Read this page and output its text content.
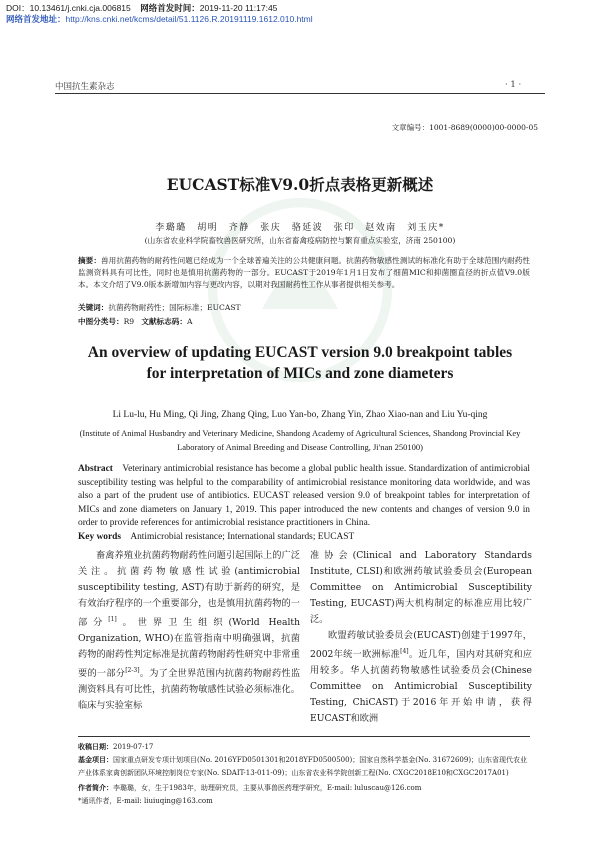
DOI：10.13461/j.cnki.cja.006815 网络首发时间：2019-11-20 11:17:45
网络首发地址：http://kns.cnki.net/kcms/detail/51.1126.R.20191119.1612.010.html
中国抗生素杂志	· 1 ·
文章编号：1001-8689(0000)00-0000-05
EUCAST标准V9.0折点表格更新概述
李璐璐　胡明　齐静　张庆　骆延波　张印　赵效南　刘玉庆*
(山东省农业科学院畜牧兽医研究所，山东省畜禽疫病防控与繁育重点实验室，济南 250100)
摘要：兽用抗菌药物的耐药性问题已经成为一个全球普遍关注的公共健康问题。抗菌药物敏感性测试的标准化有助于全球范围内耐药性监测资料具有可比性，同时也是慎用抗菌药物的一部分。EUCAST于2019年1月1日发布了细菌MIC和抑菌圈直径的折点值V9.0版本。本文介绍了V9.0版本新增加内容与更改内容，以期对我国耐药性工作从事者提供相关参考。
关键词：抗菌药物耐药性；国际标准；EUCAST
中图分类号：R9 文献标志码：A
An overview of updating EUCAST version 9.0 breakpoint tables
for interpretation of MICs and zone diameters
Li Lu-lu, Hu Ming, Qi Jing, Zhang Qing, Luo Yan-bo, Zhang Yin, Zhao Xiao-nan and Liu Yu-qing
(Institute of Animal Husbandry and Veterinary Medicine, Shandong Academy of Agricultural Sciences, Shandong Provincial Key Laboratory of Animal Breeding and Disease Controlling, Ji'nan 250100)
Abstract Veterinary antimicrobial resistance has become a global public health issue. Standardization of antimicrobial susceptibility testing was helpful to the comparability of antimicrobial resistance monitoring data worldwide, and was also a part of the prudent use of antibiotics. EUCAST released version 9.0 of breakpoint tables for interpretation of MICs and zone diameters on January 1, 2019. This paper introduced the new contents and changes of version 9.0 in order to provide references for antimicrobial resistance practitioners in China.
Key words Antimicrobial resistance; International standards; EUCAST

畜禽养殖业抗菌药物耐药性问题引起国际上的广泛关注。抗菌药物敏感性试验(antimicrobial susceptibility testing, AST)有助于新药的研究，是有效治疗程序的一个重要部分，也是慎用抗菌药物的一部分[1]。世界卫生组织(World Health Organization, WHO)在监管指南中明确强调，抗菌药物的耐药性判定标准是抗菌药物耐药性研究中非常重要的一部分[2-3]。为了全世界范围内抗菌药物耐药性监测资料具有可比性，抗菌药物敏感性试验必须标准化。临床与实验室标

准协会(Clinical and Laboratory Standards Institute, CLSI)和欧洲药敏试验委员会(European Committee on Antimicrobial Susceptibility Testing, EUCAST)两大机构制定的标准应用比较广泛。

欧盟药敏试验委员会(EUCAST)创建于1997年，2002年统一欧洲标准[4]。近几年，国内对其研究和应用较多。华人抗菌药物敏感性试验委员会(Chinese Committee on Antimicrobial Susceptibility Testing, ChiCAST)于2016年开始申请，获得EUCAST和欧洲

收稿日期：2019-07-17
基金项目：国家重点研发专项计划项目(No. 2016YFD0501301和2018YFD0500500)；国家自然科学基金(No. 31672609)；山东省现代农业产业体系家禽创新团队环境控制岗位专家(No. SDAIT-13-011-09)；山东省农业科学院创新工程(No. CXGC2018E10和CXGC2017A01)
作者简介：李璐璐，女，生于1983年，助理研究员，主要从事兽医药理学研究，E-mail: luluscau@126.com
*通讯作者，E-mail: liuiuqing@163.com
